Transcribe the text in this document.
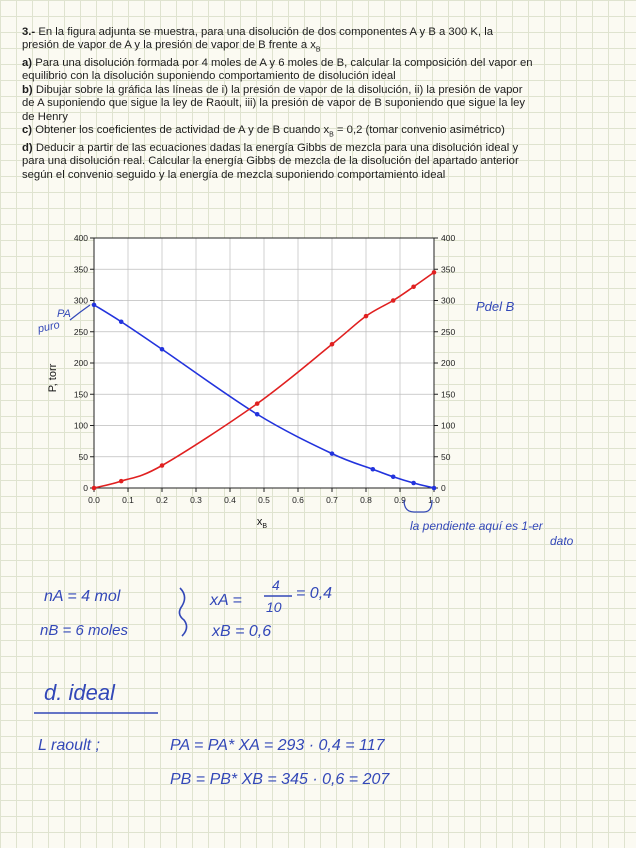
3.- En la figura adjunta se muestra, para una disolución de dos componentes A y B a 300 K, la
presión de vapor de A y la presión de vapor de B frente a $x_B$

a) Para una disolución formada por 4 moles de A y 6 moles de B, calcular la composición del vapor en
equilibrio con la disolución suponiendo comportamiento de disolución ideal

b) Dibujar sobre la gráfica las líneas de i) la presión de vapor de la disolución, ii) la presión de vapor
de A suponiendo que sigue la ley de Raoult, iii) la presión de vapor de B suponiendo que sigue la ley
de Henry

c) Obtener los coeficientes de actividad de A y de B cuando $x_B = 0,2$ (tomar convenio asimétrico)

d) Deducir a partir de las ecuaciones dadas la energía Gibbs de mezcla para una disolución ideal y
para una disolución real. Calcular la energía Gibbs de mezcla de la disolución del apartado anterior
según el convenio seguido y la energía de mezcla suponiendo comportamiento ideal

0.0	0.1	0.2	0.3	0.4	0.5	0.6	0.7	0.8	0.9	1.0
0	0
50	50
100	100
150	150
200	200
250	250
300	300
350	350
400	400
P, torr
$x_B$
PA
puro
Pdel B
la pendiente aquí es 1-er
dato
nA = 4 mol
nB = 6 moles
xA =
4
10
= 0,4
xB = 0,6
d. ideal
L raoult ;	PA = PA* XA = 293 · 0,4 = 117
PB = PB* XB = 345 · 0,6 = 207
